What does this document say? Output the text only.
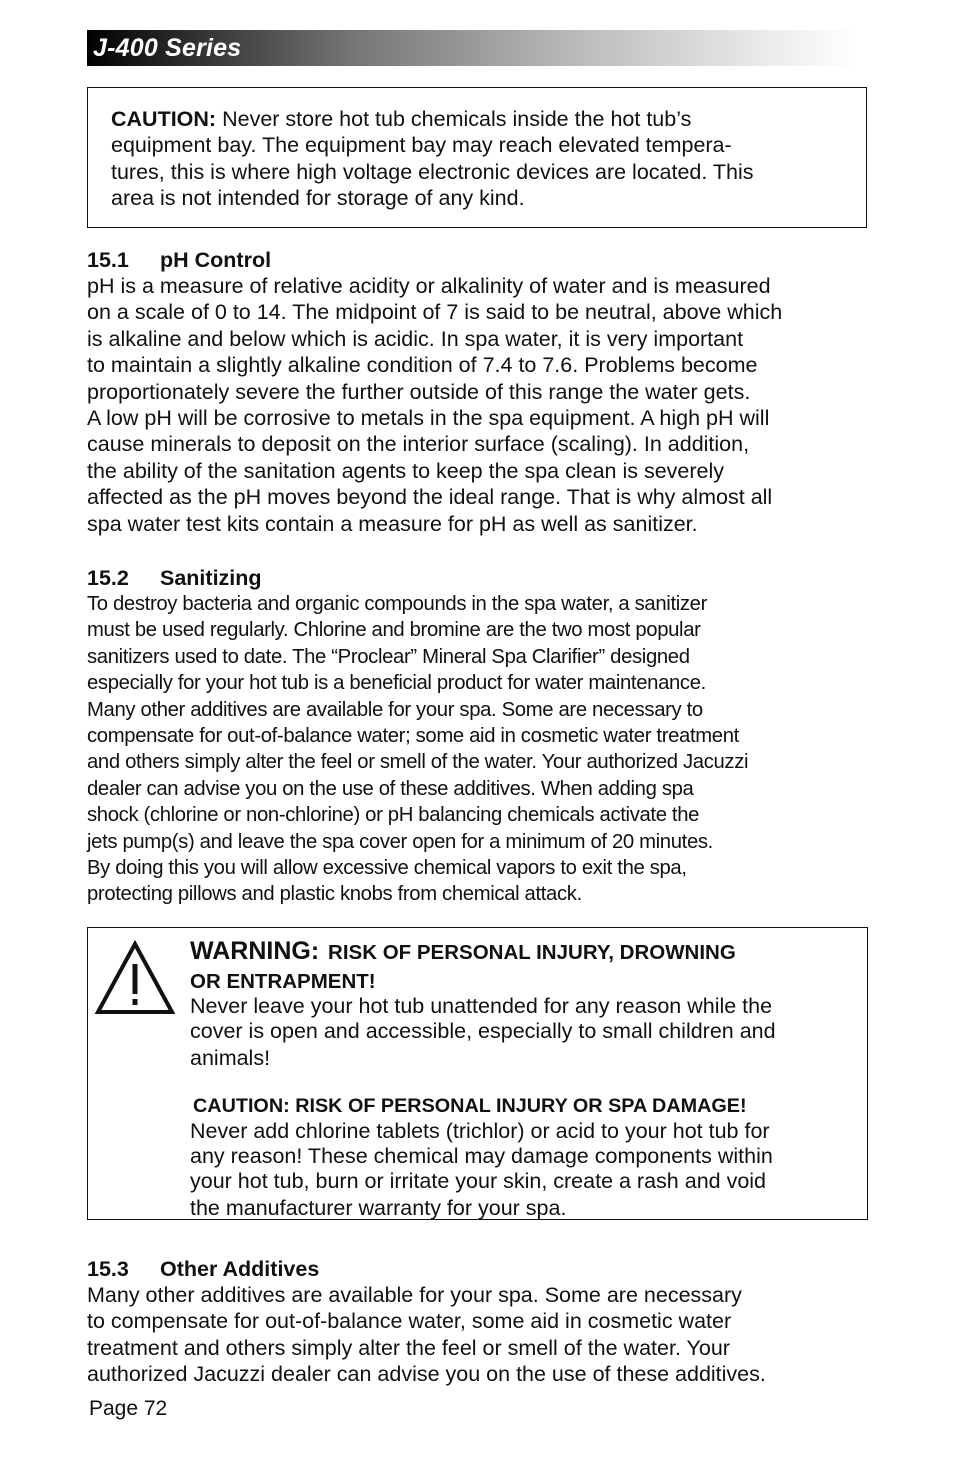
J-400 Series
CAUTION: Never store hot tub chemicals inside the hot tub’s
equipment bay. The equipment bay may reach elevated tempera-
tures, this is where high voltage electronic devices are located. This
area is not intended for storage of any kind.
15.1 pH Control
pH is a measure of relative acidity or alkalinity of water and is measured
on a scale of 0 to 14. The midpoint of 7 is said to be neutral, above which
is alkaline and below which is acidic. In spa water, it is very important
to maintain a slightly alkaline condition of 7.4 to 7.6. Problems become
proportionately severe the further outside of this range the water gets.
A low pH will be corrosive to metals in the spa equipment. A high pH will
cause minerals to deposit on the interior surface (scaling). In addition,
the ability of the sanitation agents to keep the spa clean is severely
affected as the pH moves beyond the ideal range. That is why almost all
spa water test kits contain a measure for pH as well as sanitizer.
15.2 Sanitizing
To destroy bacteria and organic compounds in the spa water, a sanitizer
must be used regularly. Chlorine and bromine are the two most popular
sanitizers used to date. The “Proclear” Mineral Spa Clarifier” designed
especially for your hot tub is a beneficial product for water maintenance.
Many other additives are available for your spa. Some are necessary to
compensate for out-of-balance water; some aid in cosmetic water treatment
and others simply alter the feel or smell of the water. Your authorized Jacuzzi
dealer can advise you on the use of these additives. When adding spa
shock (chlorine or non-chlorine) or pH balancing chemicals activate the
jets pump(s) and leave the spa cover open for a minimum of 20 minutes.
By doing this you will allow excessive chemical vapors to exit the spa,
protecting pillows and plastic knobs from chemical attack.
WARNING: RISK OF PERSONAL INJURY, DROWNING
OR ENTRAPMENT!
Never leave your hot tub unattended for any reason while the
cover is open and accessible, especially to small children and
animals!
CAUTION: RISK OF PERSONAL INJURY OR SPA DAMAGE!
Never add chlorine tablets (trichlor) or acid to your hot tub for
any reason! These chemical may damage components within
your hot tub, burn or irritate your skin, create a rash and void
the manufacturer warranty for your spa.
15.3 Other Additives
Many other additives are available for your spa. Some are necessary
to compensate for out-of-balance water, some aid in cosmetic water
treatment and others simply alter the feel or smell of the water. Your
authorized Jacuzzi dealer can advise you on the use of these additives.
Page 72
